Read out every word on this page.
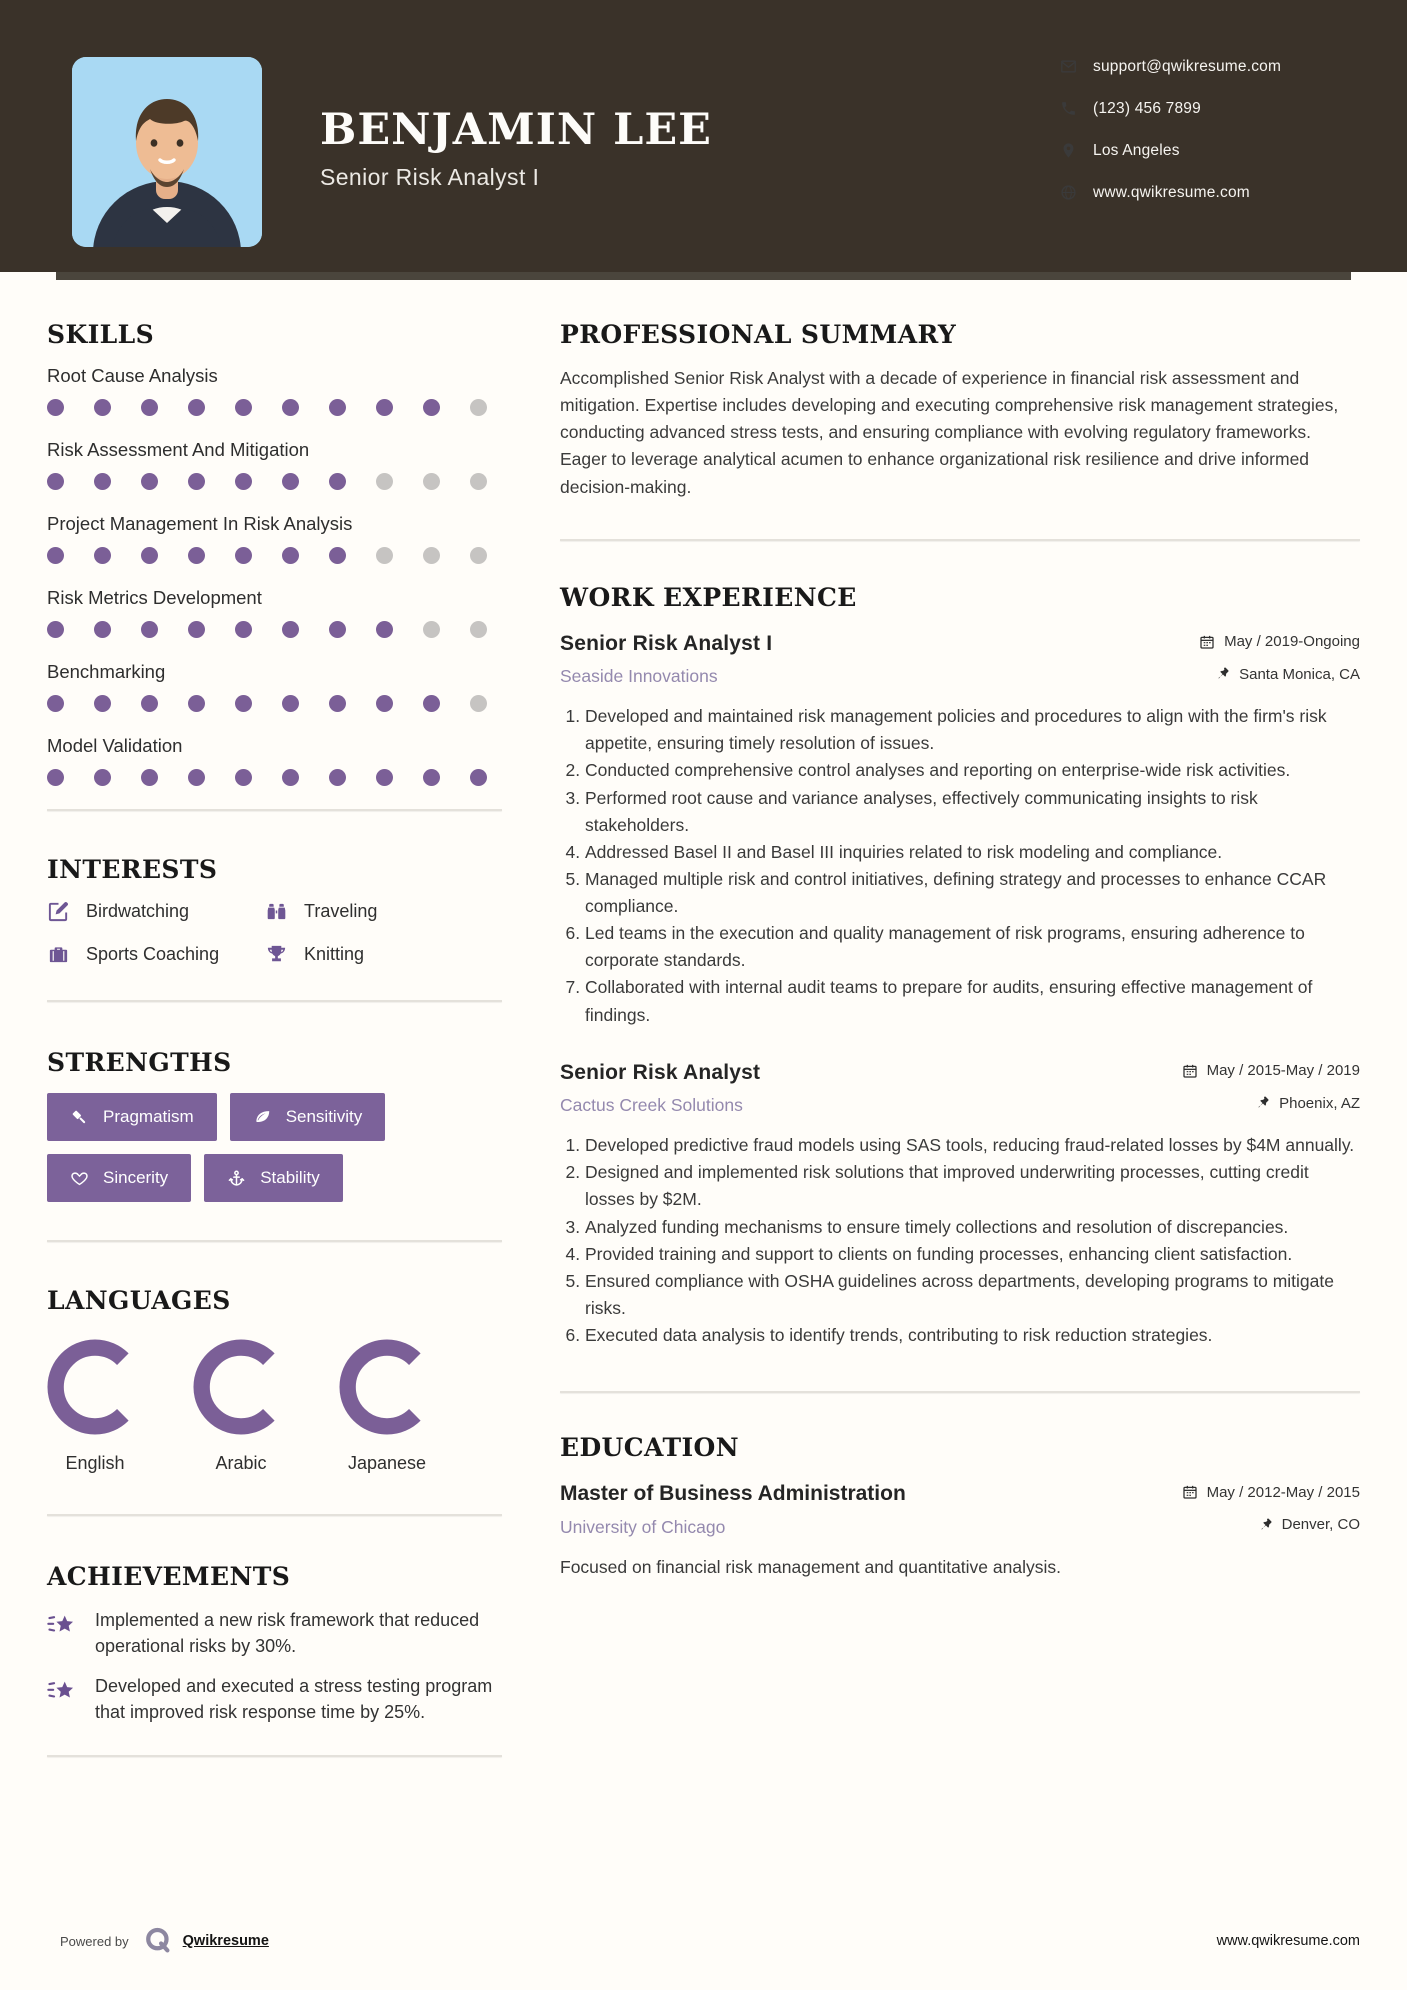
BENJAMIN LEE
Senior Risk Analyst I
support@qwikresume.com
(123) 456 7899
Los Angeles
www.qwikresume.com
SKILLS
Root Cause Analysis
Risk Assessment And Mitigation
Project Management In Risk Analysis
Risk Metrics Development
Benchmarking
Model Validation
INTERESTS
Birdwatching	Traveling
Sports Coaching	Knitting
STRENGTHS
Pragmatism	Sensitivity
Sincerity	Stability
LANGUAGES
English	Arabic	Japanese
ACHIEVEMENTS

Implemented a new risk framework that reduced operational risks by 30%.

Developed and executed a stress testing program that improved risk response time by 25%.

PROFESSIONAL SUMMARY

Accomplished Senior Risk Analyst with a decade of experience in financial risk assessment and mitigation. Expertise includes developing and executing comprehensive risk management strategies, conducting advanced stress tests, and ensuring compliance with evolving regulatory frameworks. Eager to leverage analytical acumen to enhance organizational risk resilience and drive informed decision-making.

WORK EXPERIENCE
Senior Risk Analyst I	May / 2019-Ongoing
Seaside Innovations	Santa Monica, CA
1. Developed and maintained risk management policies and procedures to align with the firm's risk appetite, ensuring timely resolution of issues.
2. Conducted comprehensive control analyses and reporting on enterprise-wide risk activities.
3. Performed root cause and variance analyses, effectively communicating insights to risk stakeholders.
4. Addressed Basel II and Basel III inquiries related to risk modeling and compliance.
5. Managed multiple risk and control initiatives, defining strategy and processes to enhance CCAR compliance.
6. Led teams in the execution and quality management of risk programs, ensuring adherence to corporate standards.
7. Collaborated with internal audit teams to prepare for audits, ensuring effective management of findings.
Senior Risk Analyst	May / 2015-May / 2019
Cactus Creek Solutions	Phoenix, AZ
1. Developed predictive fraud models using SAS tools, reducing fraud-related losses by $4M annually.
2. Designed and implemented risk solutions that improved underwriting processes, cutting credit losses by $2M.
3. Analyzed funding mechanisms to ensure timely collections and resolution of discrepancies.
4. Provided training and support to clients on funding processes, enhancing client satisfaction.
5. Ensured compliance with OSHA guidelines across departments, developing programs to mitigate risks.
6. Executed data analysis to identify trends, contributing to risk reduction strategies.
EDUCATION
Master of Business Administration	May / 2012-May / 2015
University of Chicago	Denver, CO

Focused on financial risk management and quantitative analysis.

Powered by	Qwikresume	www.qwikresume.com
